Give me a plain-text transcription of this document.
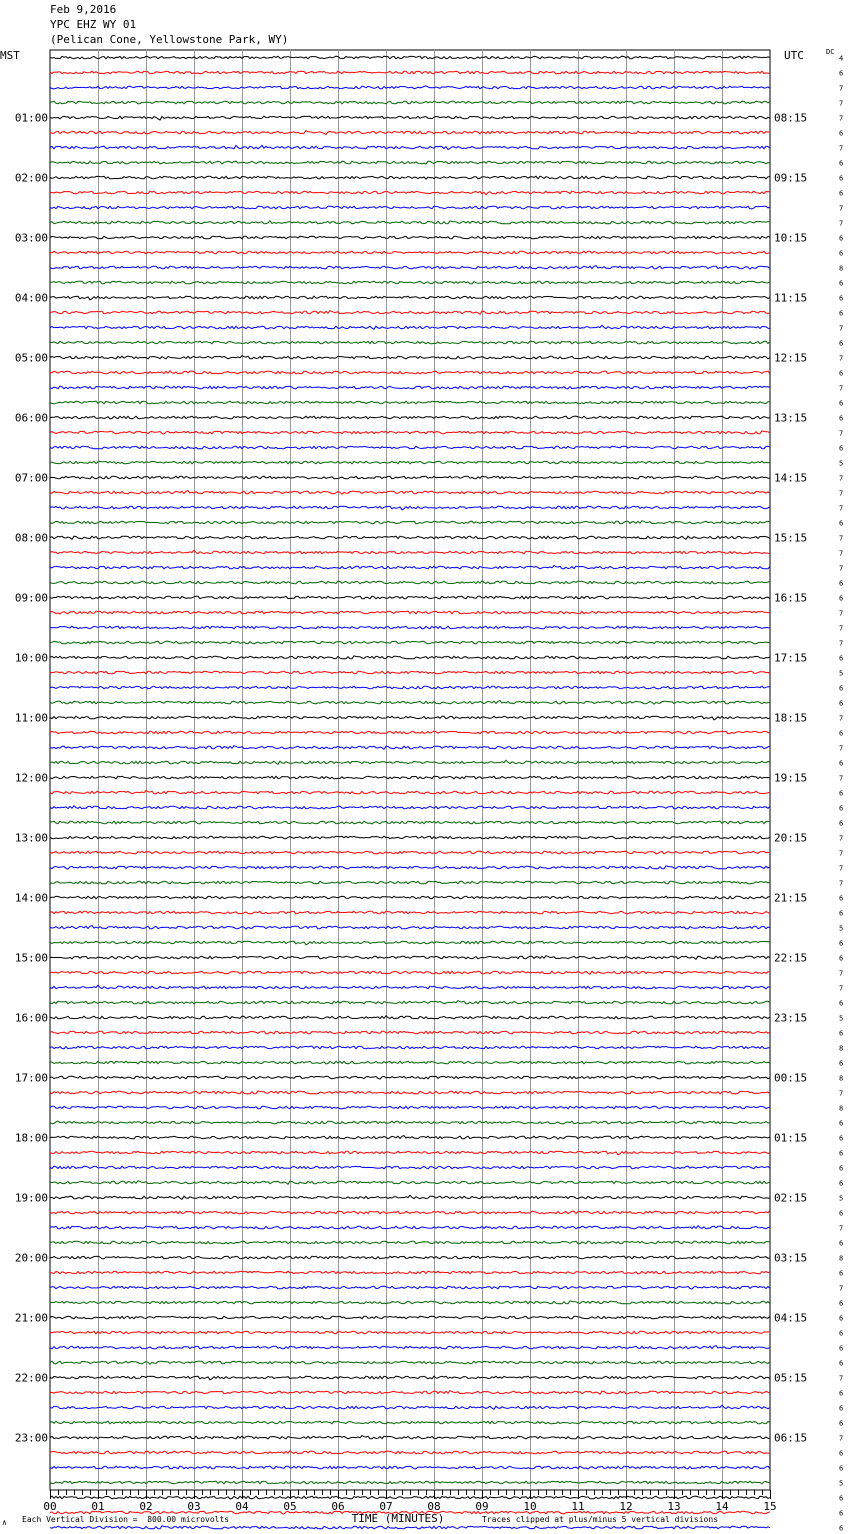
Feb 9,2016
YPC EHZ WY 01
(Pelican Cone, Yellowstone Park, WY)
MST	UTC	DC
01:00
02:00
03:00
04:00
05:00
06:00
07:00
08:00
09:00
10:00
11:00
12:00
13:00
14:00
15:00
16:00
17:00
18:00
19:00
20:00
21:00
22:00
23:00
08:15
09:15
10:15
11:15
12:15
13:15
14:15
15:15
16:15
17:15
18:15
19:15
20:15
21:15
22:15
23:15
00:15
01:15
02:15
03:15
04:15
05:15
06:15
4
6
7
7
7
6
7
6
6
6
7
7
6
6
8
6
6
6
7
6
7
6
7
6
6
7
6
5
7
7
7
6
7
7
7
6
6
7
7
7
6
5
6
6
7
6
7
6
7
6
6
6
7
7
7
7
6
6
5
6
6
7
7
6
5
6
8
6
8
7
8
6
6
6
6
6
5
6
7
6
8
6
7
6
6
6
6
6
7
6
6
6
7
6
6
5
6
6
6
00	01	02	03	04	05	06	07	08	09	10	11	12	13	14	15
TIME (MINUTES)
∧ Each Vertical Division =  800.00 microvolts	Traces clipped at plus/minus 5 vertical divisions
